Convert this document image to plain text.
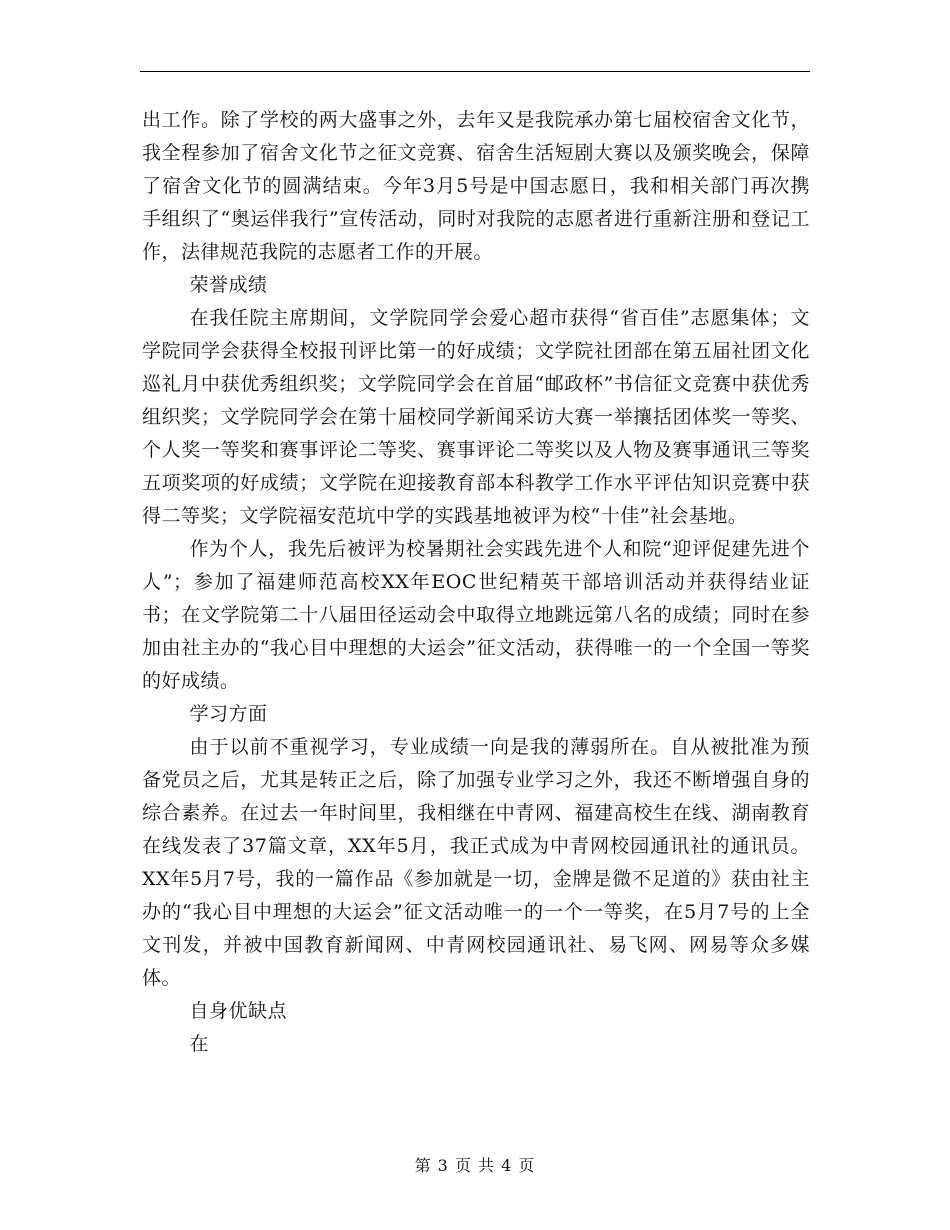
出工作。除了学校的两大盛事之外，去年又是我院承办第七届校宿舍文化节，我全程参加了宿舍文化节之征文竞赛、宿舍生活短剧大赛以及颁奖晚会，保障了宿舍文化节的圆满结束。今年3月5号是中国志愿日，我和相关部门再次携手组织了“奥运伴我行”宣传活动，同时对我院的志愿者进行重新注册和登记工作，法律规范我院的志愿者工作的开展。

荣誉成绩

在我任院主席期间，文学院同学会爱心超市获得“省百佳”志愿集体；文学院同学会获得全校报刊评比第一的好成绩；文学院社团部在第五届社团文化巡礼月中获优秀组织奖；文学院同学会在首届“邮政杯”书信征文竞赛中获优秀组织奖；文学院同学会在第十届校同学新闻采访大赛一举攘括团体奖一等奖、个人奖一等奖和赛事评论二等奖、赛事评论二等奖以及人物及赛事通讯三等奖五项奖项的好成绩；文学院在迎接教育部本科教学工作水平评估知识竞赛中获得二等奖；文学院福安范坑中学的实践基地被评为校“十佳”社会基地。

作为个人，我先后被评为校暑期社会实践先进个人和院“迎评促建先进个人”；参加了福建师范高校XX年EOC世纪精英干部培训活动并获得结业证书；在文学院第二十八届田径运动会中取得立地跳远第八名的成绩；同时在参加由社主办的“我心目中理想的大运会”征文活动，获得唯一的一个全国一等奖的好成绩。

学习方面

由于以前不重视学习，专业成绩一向是我的薄弱所在。自从被批准为预备党员之后，尤其是转正之后，除了加强专业学习之外，我还不断增强自身的综合素养。在过去一年时间里，我相继在中青网、福建高校生在线、湖南教育在线发表了37篇文章，XX年5月，我正式成为中青网校园通讯社的通讯员。XX年5月7号，我的一篇作品《参加就是一切，金牌是微不足道的》获由社主办的“我心目中理想的大运会”征文活动唯一的一个一等奖，在5月7号的上全文刊发，并被中国教育新闻网、中青网校园通讯社、易飞网、网易等众多媒体。

自身优缺点

在

第 3 页 共 4 页
